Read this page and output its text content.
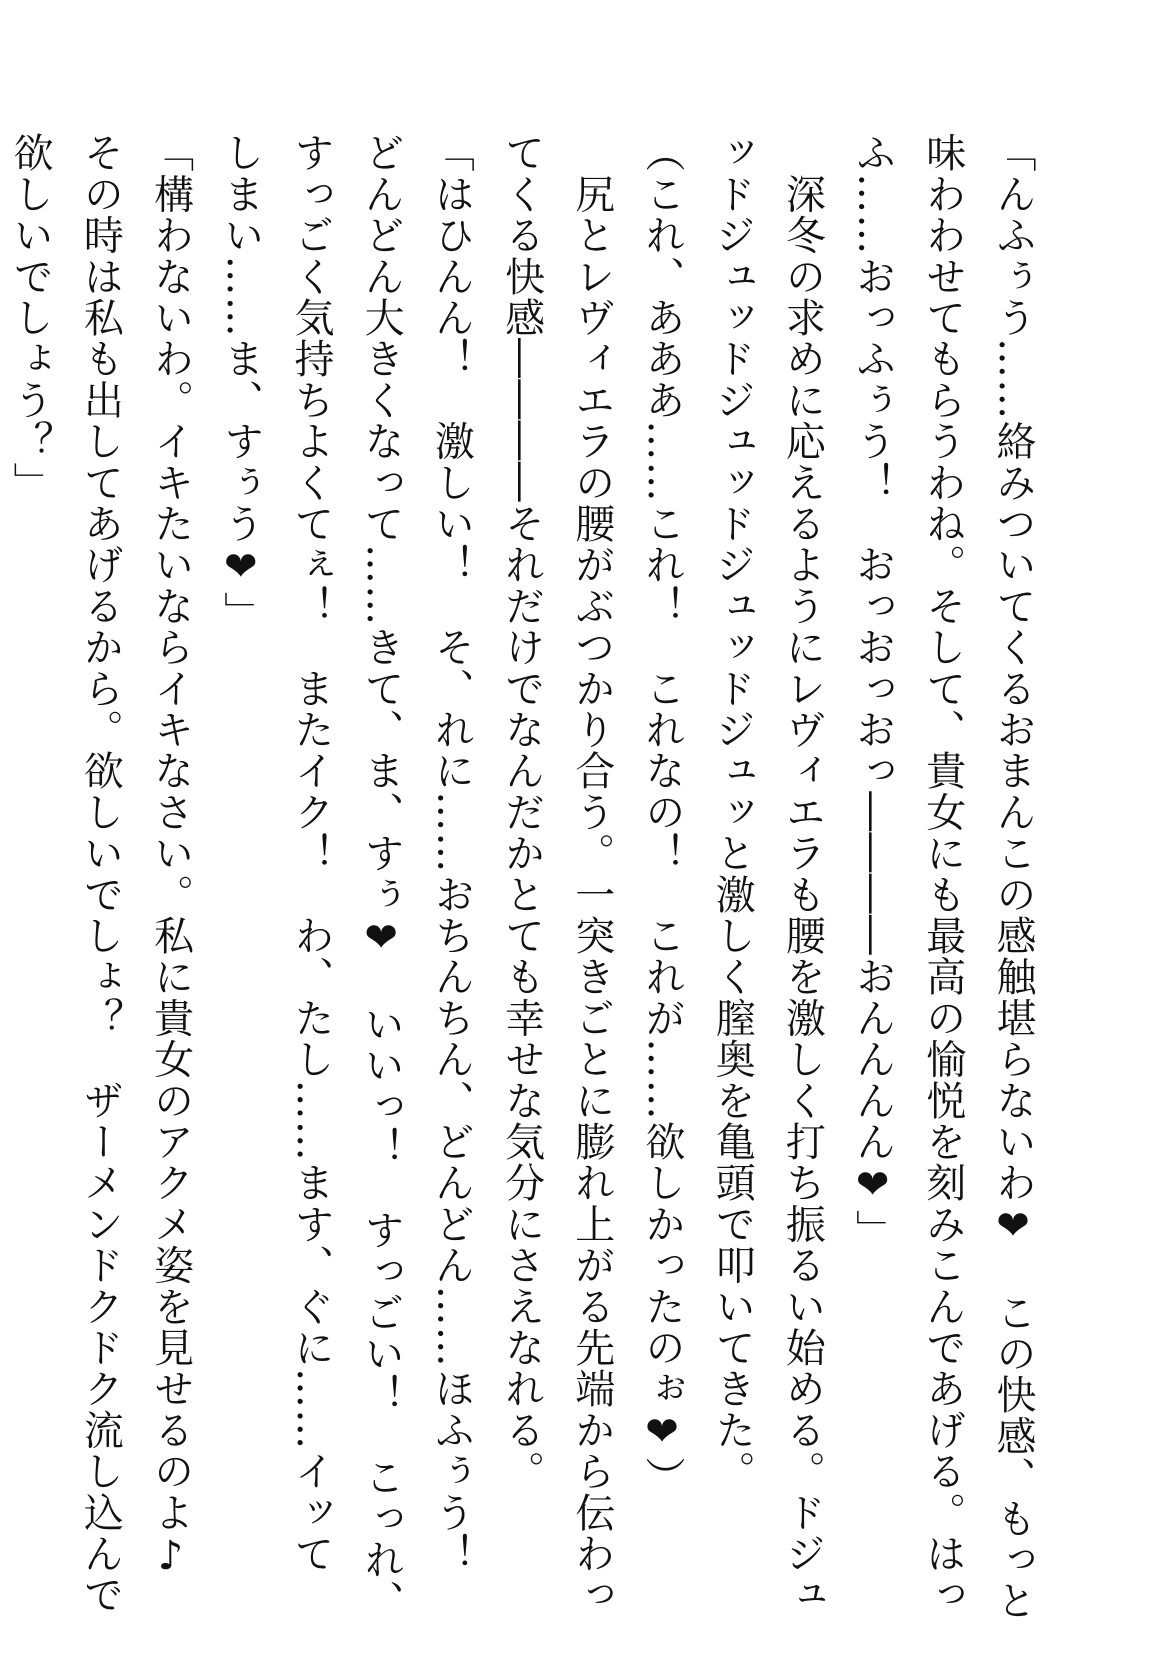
「んふぅう……絡みついてくるおまんこの感触堪らないわ❤　この快感、もっと

味わわせてもらうわね。そして、貴女にも最高の愉悦を刻みこんであげる。はっ

ふ……おっふぅう！　おっおっおっ――――おんんんん❤」

　深冬の求めに応えるようにレヴィエラも腰を激しく打ち振るい始める。ドジュ

ッドジュッドジュッドジュッドジュッと激しく膣奥を亀頭で叩いてきた。

（これ、あああ……これ！　これなの！　これが……欲しかったのぉ❤）

　尻とレヴィエラの腰がぶつかり合う。一突きごとに膨れ上がる先端から伝わっ

てくる快感――――それだけでなんだかとても幸せな気分にさえなれる。

「はひんん！　激しい！　そ、れに……おちんちん、どんどん……ほふぅう！

どんどん大きくなって……きて、ま、すぅ❤　いいっ！　すっごい！　こっれ、

すっごく気持ちよくてぇ！　またイク！　わ、たし……ます、ぐに……イッて

しまい……ま、すぅう❤」

「構わないわ。イキたいならイキなさい。私に貴女のアクメ姿を見せるのよ♪

その時は私も出してあげるから。欲しいでしょ？　ザーメンドクドク流し込んで

欲しいでしょう？」
